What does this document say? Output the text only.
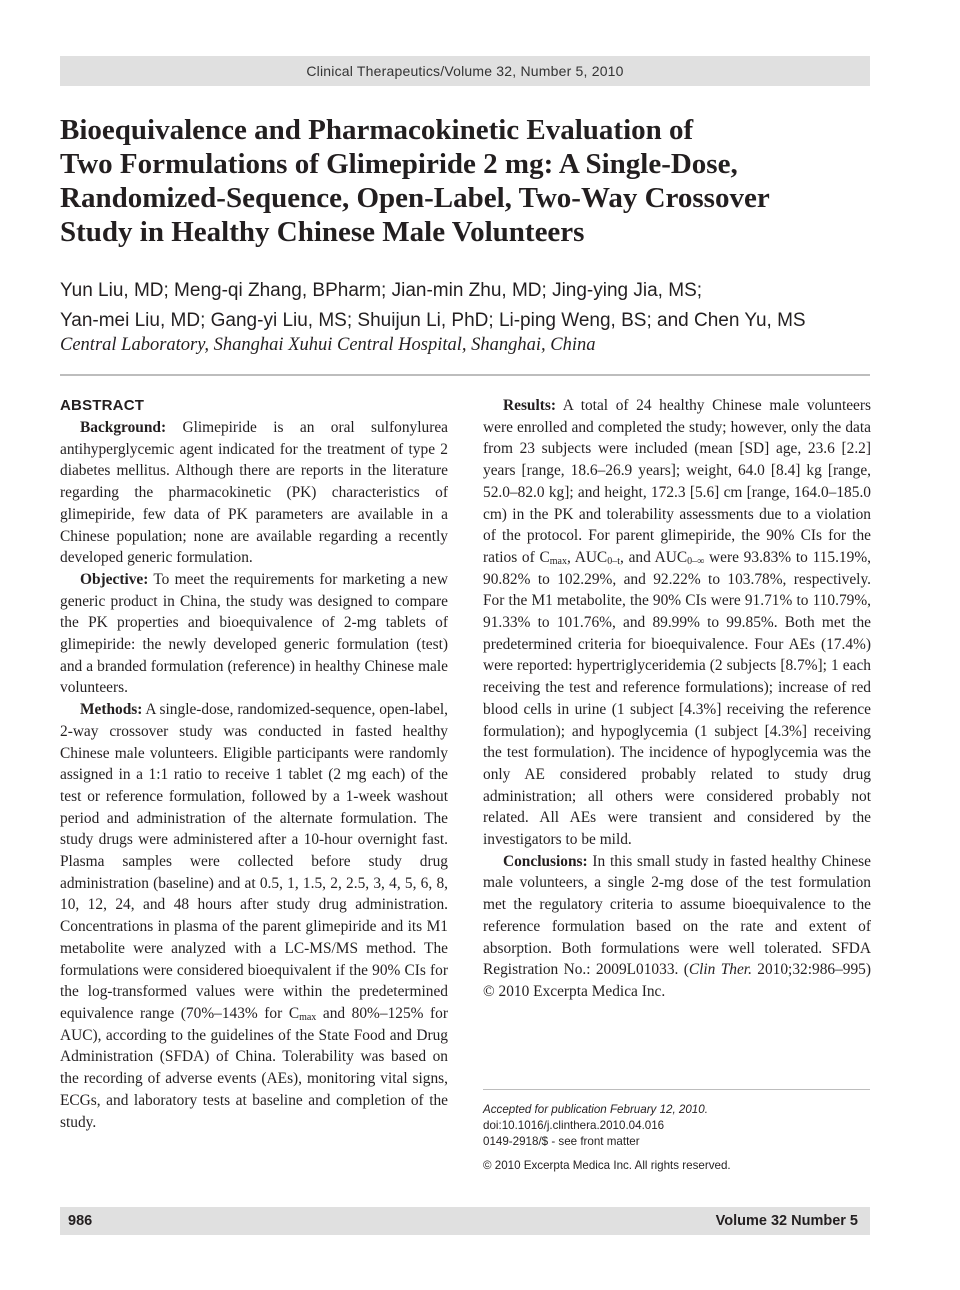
Clinical Therapeutics/Volume 32, Number 5, 2010
Bioequivalence and Pharmacokinetic Evaluation of
Two Formulations of Glimepiride 2 mg: A Single-Dose,
Randomized-Sequence, Open-Label, Two-Way Crossover
Study in Healthy Chinese Male Volunteers
Yun Liu, MD; Meng-qi Zhang, BPharm; Jian-min Zhu, MD; Jing-ying Jia, MS;
Yan-mei Liu, MD; Gang-yi Liu, MS; Shuijun Li, PhD; Li-ping Weng, BS; and Chen Yu, MS
Central Laboratory, Shanghai Xuhui Central Hospital, Shanghai, China
ABSTRACT

Background: Glimepiride is an oral sulfonylurea antihyperglycemic agent indicated for the treatment of type 2 diabetes mellitus. Although there are reports in the literature regarding the pharmacokinetic (PK) characteristics of glimepiride, few data of PK parameters are available in a Chinese population; none are available regarding a recently developed generic formulation.

Objective: To meet the requirements for marketing a new generic product in China, the study was designed to compare the PK properties and bioequivalence of 2-mg tablets of glimepiride: the newly developed generic formulation (test) and a branded formulation (reference) in healthy Chinese male volunteers.

Methods: A single-dose, randomized-sequence, open-label, 2-way crossover study was conducted in fasted healthy Chinese male volunteers. Eligible participants were randomly assigned in a 1:1 ratio to receive 1 tablet (2 mg each) of the test or reference formulation, followed by a 1-week washout period and administration of the alternate formulation. The study drugs were administered after a 10-hour overnight fast. Plasma samples were collected before study drug administration (baseline) and at 0.5, 1, 1.5, 2, 2.5, 3, 4, 5, 6, 8, 10, 12, 24, and 48 hours after study drug administration. Concentrations in plasma of the parent glimepiride and its M1 metabolite were analyzed with a LC-MS/MS method. The formulations were considered bioequivalent if the 90% CIs for the log-transformed values were within the predetermined equivalence range (70%–143% for $C_{max}$ and 80%–125% for AUC), according to the guidelines of the State Food and Drug Administration (SFDA) of China. Tolerability was based on the recording of adverse events (AEs), monitoring vital signs, ECGs, and laboratory tests at baseline and completion of the study.

Results: A total of 24 healthy Chinese male volunteers were enrolled and completed the study; however, only the data from 23 subjects were included (mean [SD] age, 23.6 [2.2] years [range, 18.6–26.9 years]; weight, 64.0 [8.4] kg [range, 52.0–82.0 kg]; and height, 172.3 [5.6] cm [range, 164.0–185.0 cm) in the PK and tolerability assessments due to a violation of the protocol. For parent glimepiride, the 90% CIs for the ratios of $C_{max}$, $AUC_{0-t}$, and $AUC_{0-\infty}$ were 93.83% to 115.19%, 90.82% to 102.29%, and 92.22% to 103.78%, respectively. For the M1 metabolite, the 90% CIs were 91.71% to 110.79%, 91.33% to 101.76%, and 89.99% to 99.85%. Both met the predetermined criteria for bioequivalence. Four AEs (17.4%) were reported: hypertriglyceridemia (2 subjects [8.7%]; 1 each receiving the test and reference formulations); increase of red blood cells in urine (1 subject [4.3%] receiving the reference formulation); and hypoglycemia (1 subject [4.3%] receiving the test formulation). The incidence of hypoglycemia was the only AE considered probably related to study drug administration; all others were considered probably not related. All AEs were transient and considered by the investigators to be mild.

Conclusions: In this small study in fasted healthy Chinese male volunteers, a single 2-mg dose of the test formulation met the regulatory criteria to assume bioequivalence to the reference formulation based on the rate and extent of absorption. Both formulations were well tolerated. SFDA Registration No.: 2009L01033. (Clin Ther. 2010;32:986–995) © 2010 Excerpta Medica Inc.

Accepted for publication February 12, 2010.
doi:10.1016/j.clinthera.2010.04.016
0149-2918/$ - see front matter
© 2010 Excerpta Medica Inc. All rights reserved.
986	Volume 32 Number 5
